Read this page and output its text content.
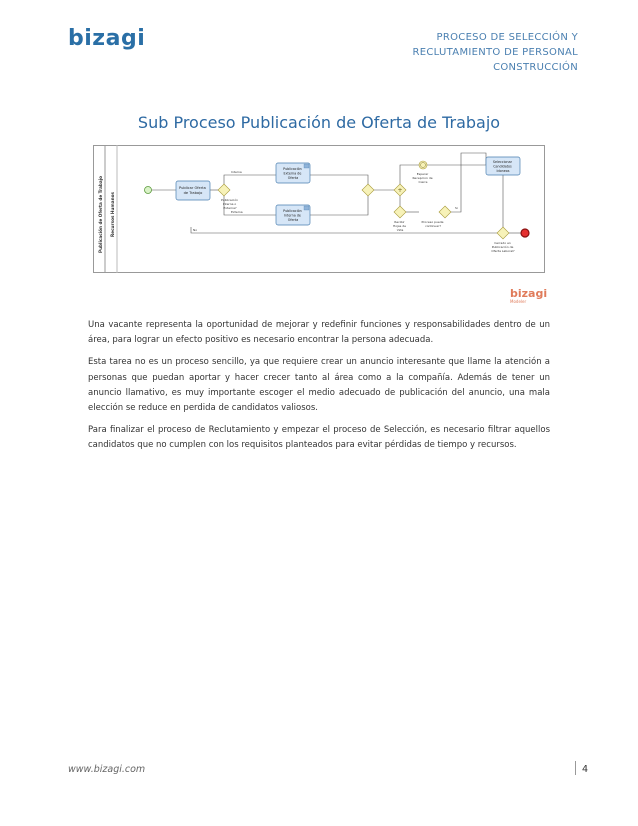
bizagi	PROCESO DE SELECCIÓN Y
RECLUTAMIENTO DE PERSONAL
CONSTRUCCIÓN
Sub Proceso Publicación de Oferta de Trabajo
Publicación de Oferta de Trabajo Recursos Humanos
Publicar Oferta de Trabajo
Publicación Interna o Externa?
Interna
Externa
Publicación Externa de Oferta
Publicación Interna de Oferta
+
Esperar Recepcion de Cierre
Recibir Hojas de Vida
Proceso puede continuar?
Si
Seleccionar Candidatos Idoneos
Cerrado en Publicación de Oferta Laboral?
No
bizagi
Modeler

Una vacante representa la oportunidad de mejorar y redefinir funciones y responsabilidades dentro de un área, para lograr un efecto positivo es necesario encontrar la persona adecuada.

Esta tarea no es un proceso sencillo, ya que requiere crear un anuncio interesante que llame la atención a personas que puedan aportar y hacer crecer tanto al área como a la compañía. Además de tener un anuncio llamativo, es muy importante escoger el medio adecuado de publicación del anuncio, una mala elección se reduce en perdida de candidatos valiosos.

Para finalizar el proceso de Reclutamiento y empezar el proceso de Selección, es necesario filtrar aquellos candidatos que no cumplen con los requisitos planteados para evitar pérdidas de tiempo y recursos.

www.bizagi.com	4
